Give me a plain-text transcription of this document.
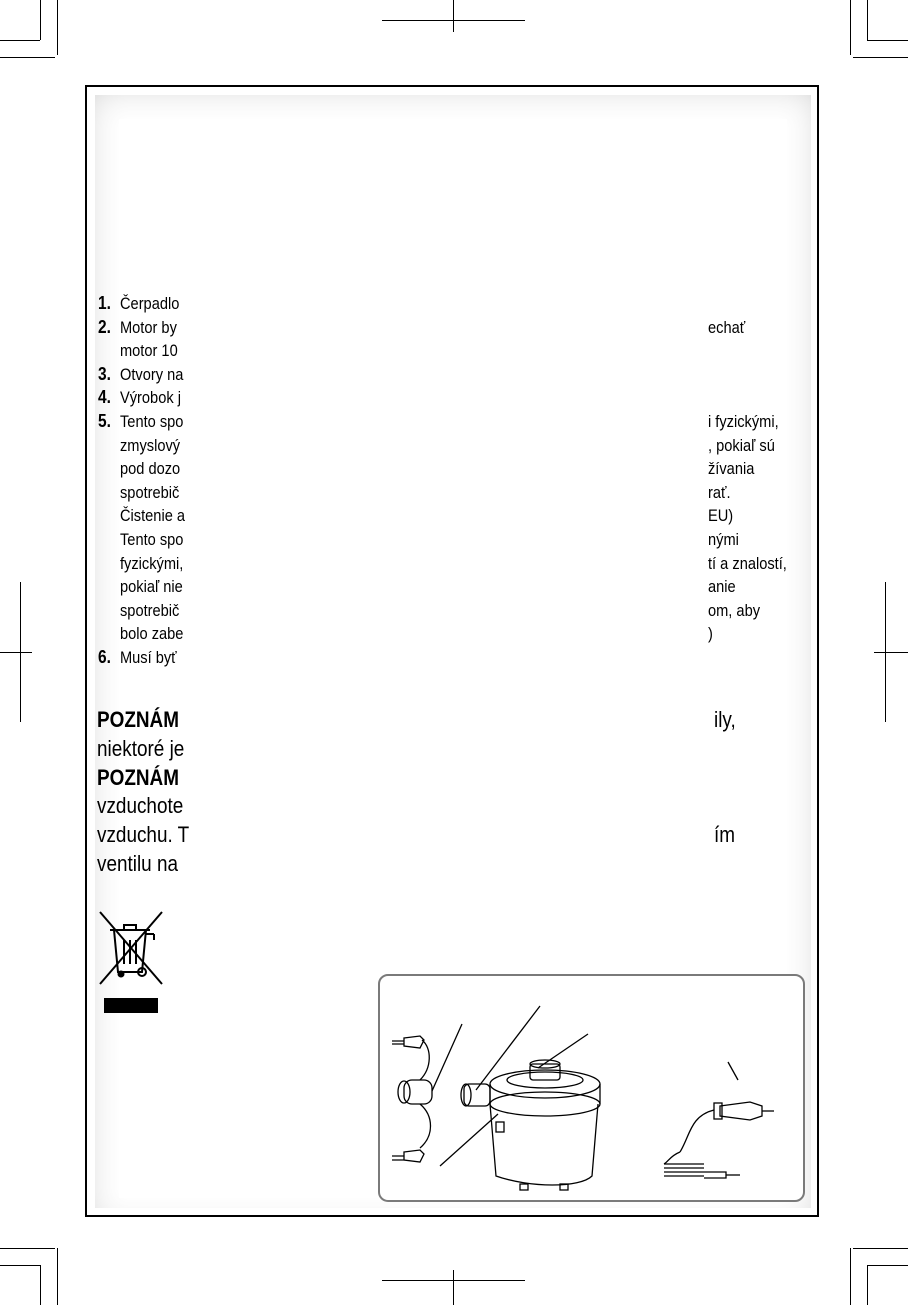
1. Čerpadlo
2. Motor by	echať
motor 10
3. Otvory na
4. Výrobok j
5. Tento spo	i fyzickými,
zmyslový	, pokiaľ sú
pod dozo	žívania
spotrebič	rať.
Čistenie a	EU)
Tento spo	nými
fyzickými,	tí a znalostí,
pokiaľ nie	anie
spotrebič	om, aby
bolo zabe	)
6. Musí byť
POZNÁM	ily,
niektoré je
POZNÁM
vzduchote
vzduchu. T	ím
ventilu na
